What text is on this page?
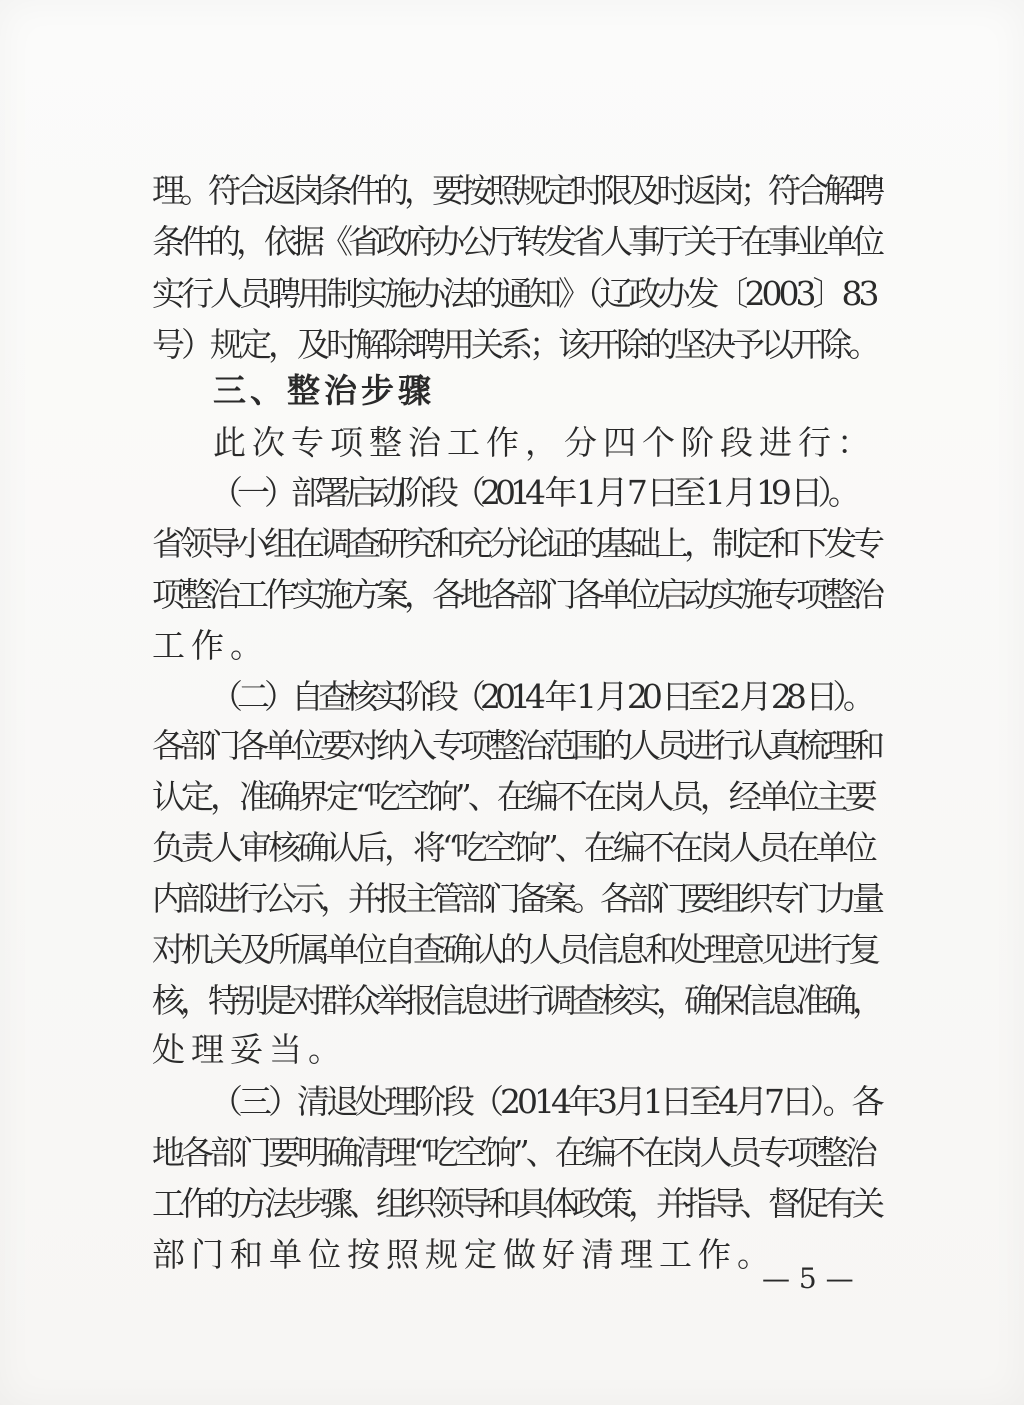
理。符合返岗条件的，要按照规定时限及时返岗；符合解聘
条件的，依据《省政府办公厅转发省人事厅关于在事业单位
实行人员聘用制实施办法的通知》（辽政办发〔2003〕83
号）规定，及时解除聘用关系；该开除的坚决予以开除。
三、整治步骤
此次专项整治工作，分四个阶段进行：
（一）部署启动阶段（2014 年 1 月 7 日至 1 月 19 日）。
省领导小组在调查研究和充分论证的基础上，制定和下发专
项整治工作实施方案，各地各部门各单位启动实施专项整治
工作。
（二）自查核实阶段（2014 年 1 月 20 日至 2 月 28 日）。
各部门各单位要对纳入专项整治范围的人员进行认真梳理和
认定，准确界定“吃空饷”、在编不在岗人员，经单位主要
负责人审核确认后，将“吃空饷”、在编不在岗人员在单位
内部进行公示，并报主管部门备案。各部门要组织专门力量
对机关及所属单位自查确认的人员信息和处理意见进行复
核，特别是对群众举报信息进行调查核实，确保信息准确，
处理妥当。
（三）清退处理阶段（2014年3月1日至4月7日）。各
地各部门要明确清理“吃空饷”、在编不在岗人员专项整治
工作的方法步骤、组织领导和具体政策，并指导、督促有关
部门和单位按照规定做好清理工作。
— 5 —
